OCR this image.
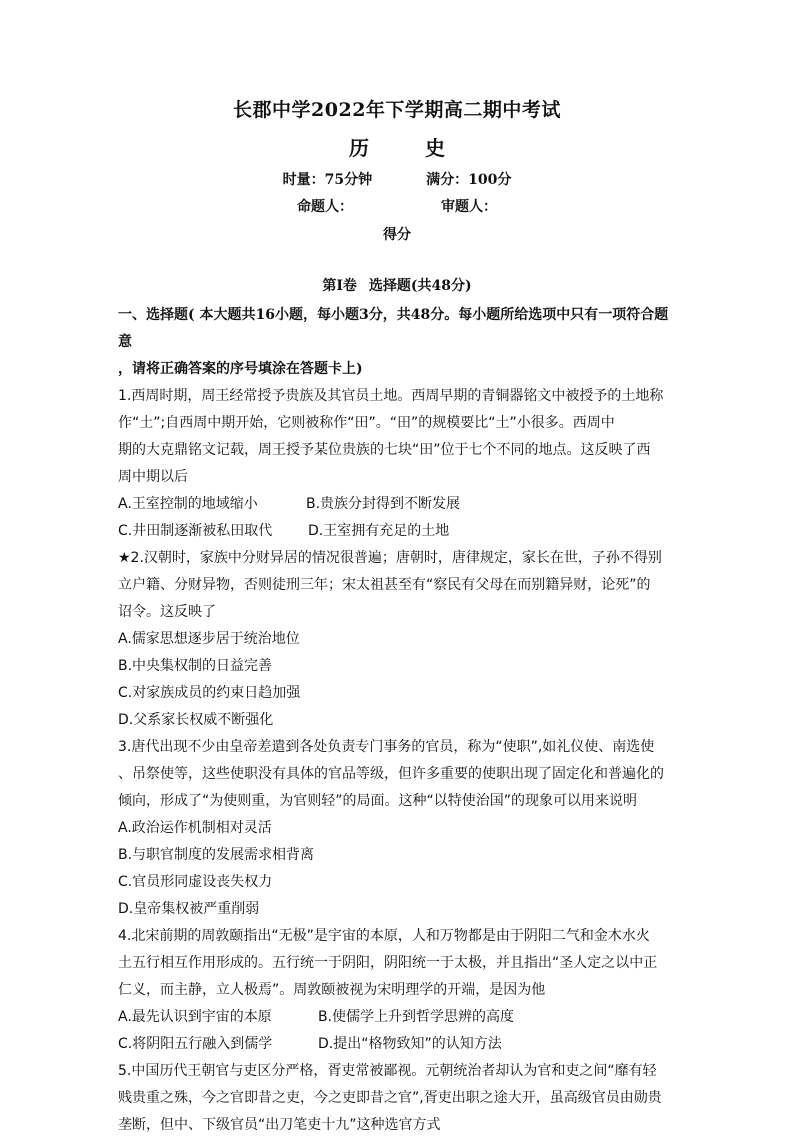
长郡中学2022年下学期高二期中考试
历	史
时量：75分钟	满分：100分
命题人：	审题人：
得分
第Ⅰ卷 选择题(共48分)

一、选择题( 本大题共16小题，每小题3分，共48分。每小题所给选项中只有一项符合题意

，请将正确答案的序号填涂在答题卡上)

1.西周时期，周王经常授予贵族及其官员土地。西周早期的青铜器铭文中被授予的土地称

作“土”;自西周中期开始，它则被称作“田”。“田”的规模要比“土”小很多。西周中

期的大克鼎铭文记载，周王授予某位贵族的七块“田”位于七个不同的地点。这反映了西

周中期以后

A.王室控制的地域缩小	B.贵族分封得到不断发展

C.井田制逐渐被私田取代	D.王室拥有充足的土地

★2.汉朝时，家族中分财异居的情况很普遍；唐朝时，唐律规定，家长在世，子孙不得别

立户籍、分财异物，否则徒刑三年；宋太祖甚至有“察民有父母在而别籍异财，论死”的

诏令。这反映了

A.儒家思想逐步居于统治地位

B.中央集权制的日益完善

C.对家族成员的约束日趋加强

D.父系家长权威不断强化

3.唐代出现不少由皇帝差遣到各处负责专门事务的官员，称为“使职”,如礼仪使、南选使

、吊祭使等，这些使职没有具体的官品等级，但许多重要的使职出现了固定化和普遍化的

倾向，形成了“为使则重，为官则轻”的局面。这种“以特使治国”的现象可以用来说明

A.政治运作机制相对灵活

B.与职官制度的发展需求相背离

C.官员形同虚设丧失权力

D.皇帝集权被严重削弱

4.北宋前期的周敦颐指出“无极”是宇宙的本原，人和万物都是由于阴阳二气和金木水火

土五行相互作用形成的。五行统一于阴阳，阴阳统一于太极，并且指出“圣人定之以中正

仁义，而主静，立人极焉”。周敦颐被视为宋明理学的开端，是因为他

A.最先认识到宇宙的本原	B.使儒学上升到哲学思辨的高度

C.将阴阳五行融入到儒学	D.提出“格物致知”的认知方法

5.中国历代王朝官与吏区分严格，胥吏常被鄙视。元朝统治者却认为官和吏之间“靡有轻

贱贵重之殊，今之官即昔之吏，今之吏即昔之官”,胥吏出职之途大开，虽高级官员由勋贵

垄断，但中、下级官员“出刀笔吏十九”这种选官方式
